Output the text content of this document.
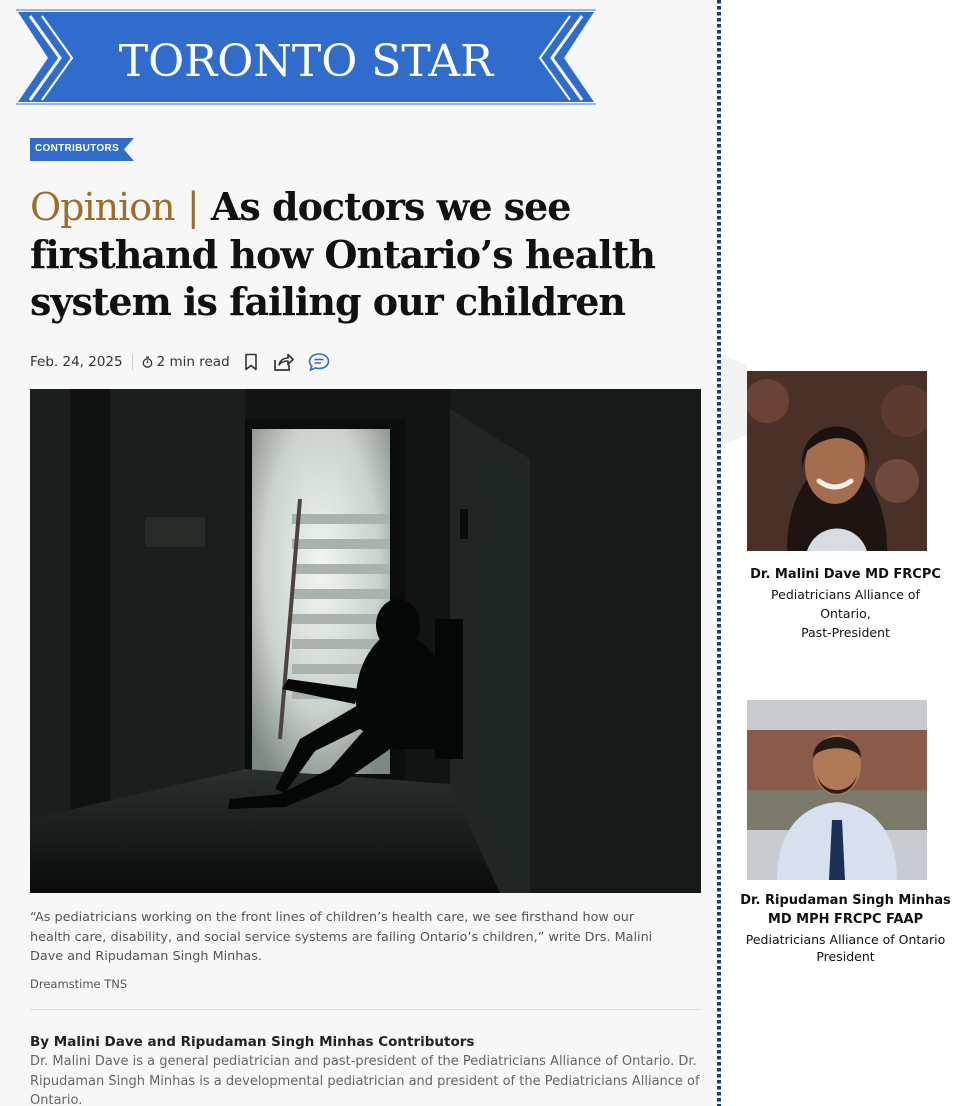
TORONTO STAR
CONTRIBUTORS
Opinion | As doctors we see firsthand how Ontario’s health system is failing our children
Feb. 24, 2025	2 min read

“As pediatricians working on the front lines of children’s health care, we see firsthand how our health care, disability, and social service systems are failing Ontario’s children,” write Drs. Malini Dave and Ripudaman Singh Minhas.

Dreamstime TNS
By Malini Dave and Ripudaman Singh Minhas Contributors

Dr. Malini Dave is a general pediatrician and past-president of the Pediatricians Alliance of Ontario. Dr. Ripudaman Singh Minhas is a developmental pediatrician and president of the Pediatricians Alliance of Ontario.

Dr. Malini Dave MD FRCPC
Pediatricians Alliance of
Ontario,
Past-President
Dr. Ripudaman Singh Minhas
MD MPH FRCPC FAAP
Pediatricians Alliance of Ontario
President
